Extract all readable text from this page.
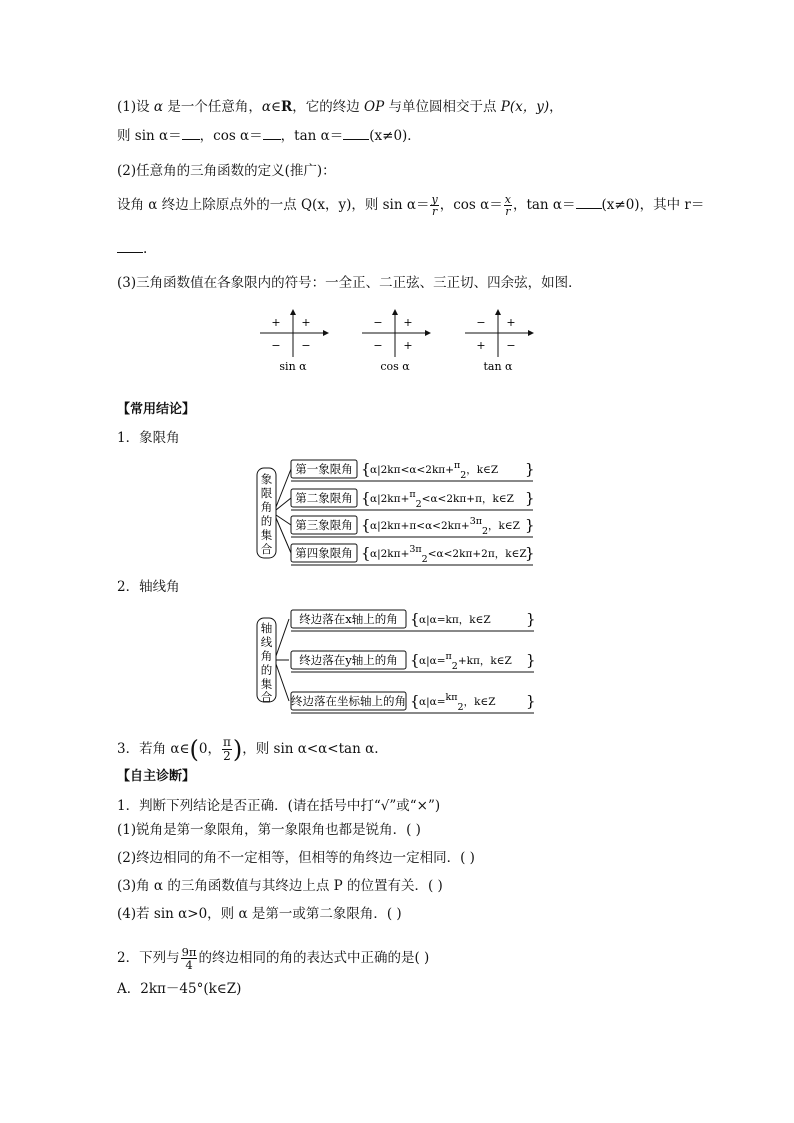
(1)设 α 是一个任意角，α∈R，它的终边 OP 与单位圆相交于点 P(x，y)，
则 sin α＝ ，cos α＝ ，tan α＝ (x≠0)．
(2)任意角的三角函数的定义(推广)：
设角 α 终边上除原点外的一点 Q(x，y)，则 $\sin \alpha= \frac{y}{r}$ ，$\cos \alpha= \frac{x}{r}$ ，tan α＝ (x≠0)，其中 r＝
.
(3)三角函数值在各象限内的符号：一全正、二正弦、三正切、四余弦，如图．
+ +
− −
sin α
− +
− +
cos α
− +
+ −
tan α
【常用结论】
1．象限角
象
限
角
的
集
合
第一象限角 { α|2kπ<α<2kπ+π2，k∈Z }
第二象限角 { α|2kπ+π2<α<2kπ+π，k∈Z }
第三象限角 { α|2kπ+π<α<2kπ+3π2，k∈Z }
第四象限角 { α|2kπ+3π2<α<2kπ+2π，k∈Z
}
2．轴线角
轴
线
角
的
集
合
终边落在x轴上的角 { α|α=kπ，k∈Z }
终边落在y轴上的角 { α|α=π2+kπ，k∈Z }
终边落在坐标轴上的角 { α|α=kπ2，k∈Z }
3．若角 α∈(0， $\frac{\pi}{2}$ )，则 sin α<α<tan α.
【自主诊断】
1．判断下列结论是否正确．(请在括号中打“√”或“×”)
(1)锐角是第一象限角，第一象限角也都是锐角．( )
(2)终边相同的角不一定相等，但相等的角终边一定相同．( )
(3)角 α 的三角函数值与其终边上点 P 的位置有关．( )
(4)若 sin α>0，则 α 是第一或第二象限角．( )
2．下列与 $\frac{9\pi}{4}$ 的终边相同的角的表达式中正确的是( )
A．2kπ－45°(k∈Z)
